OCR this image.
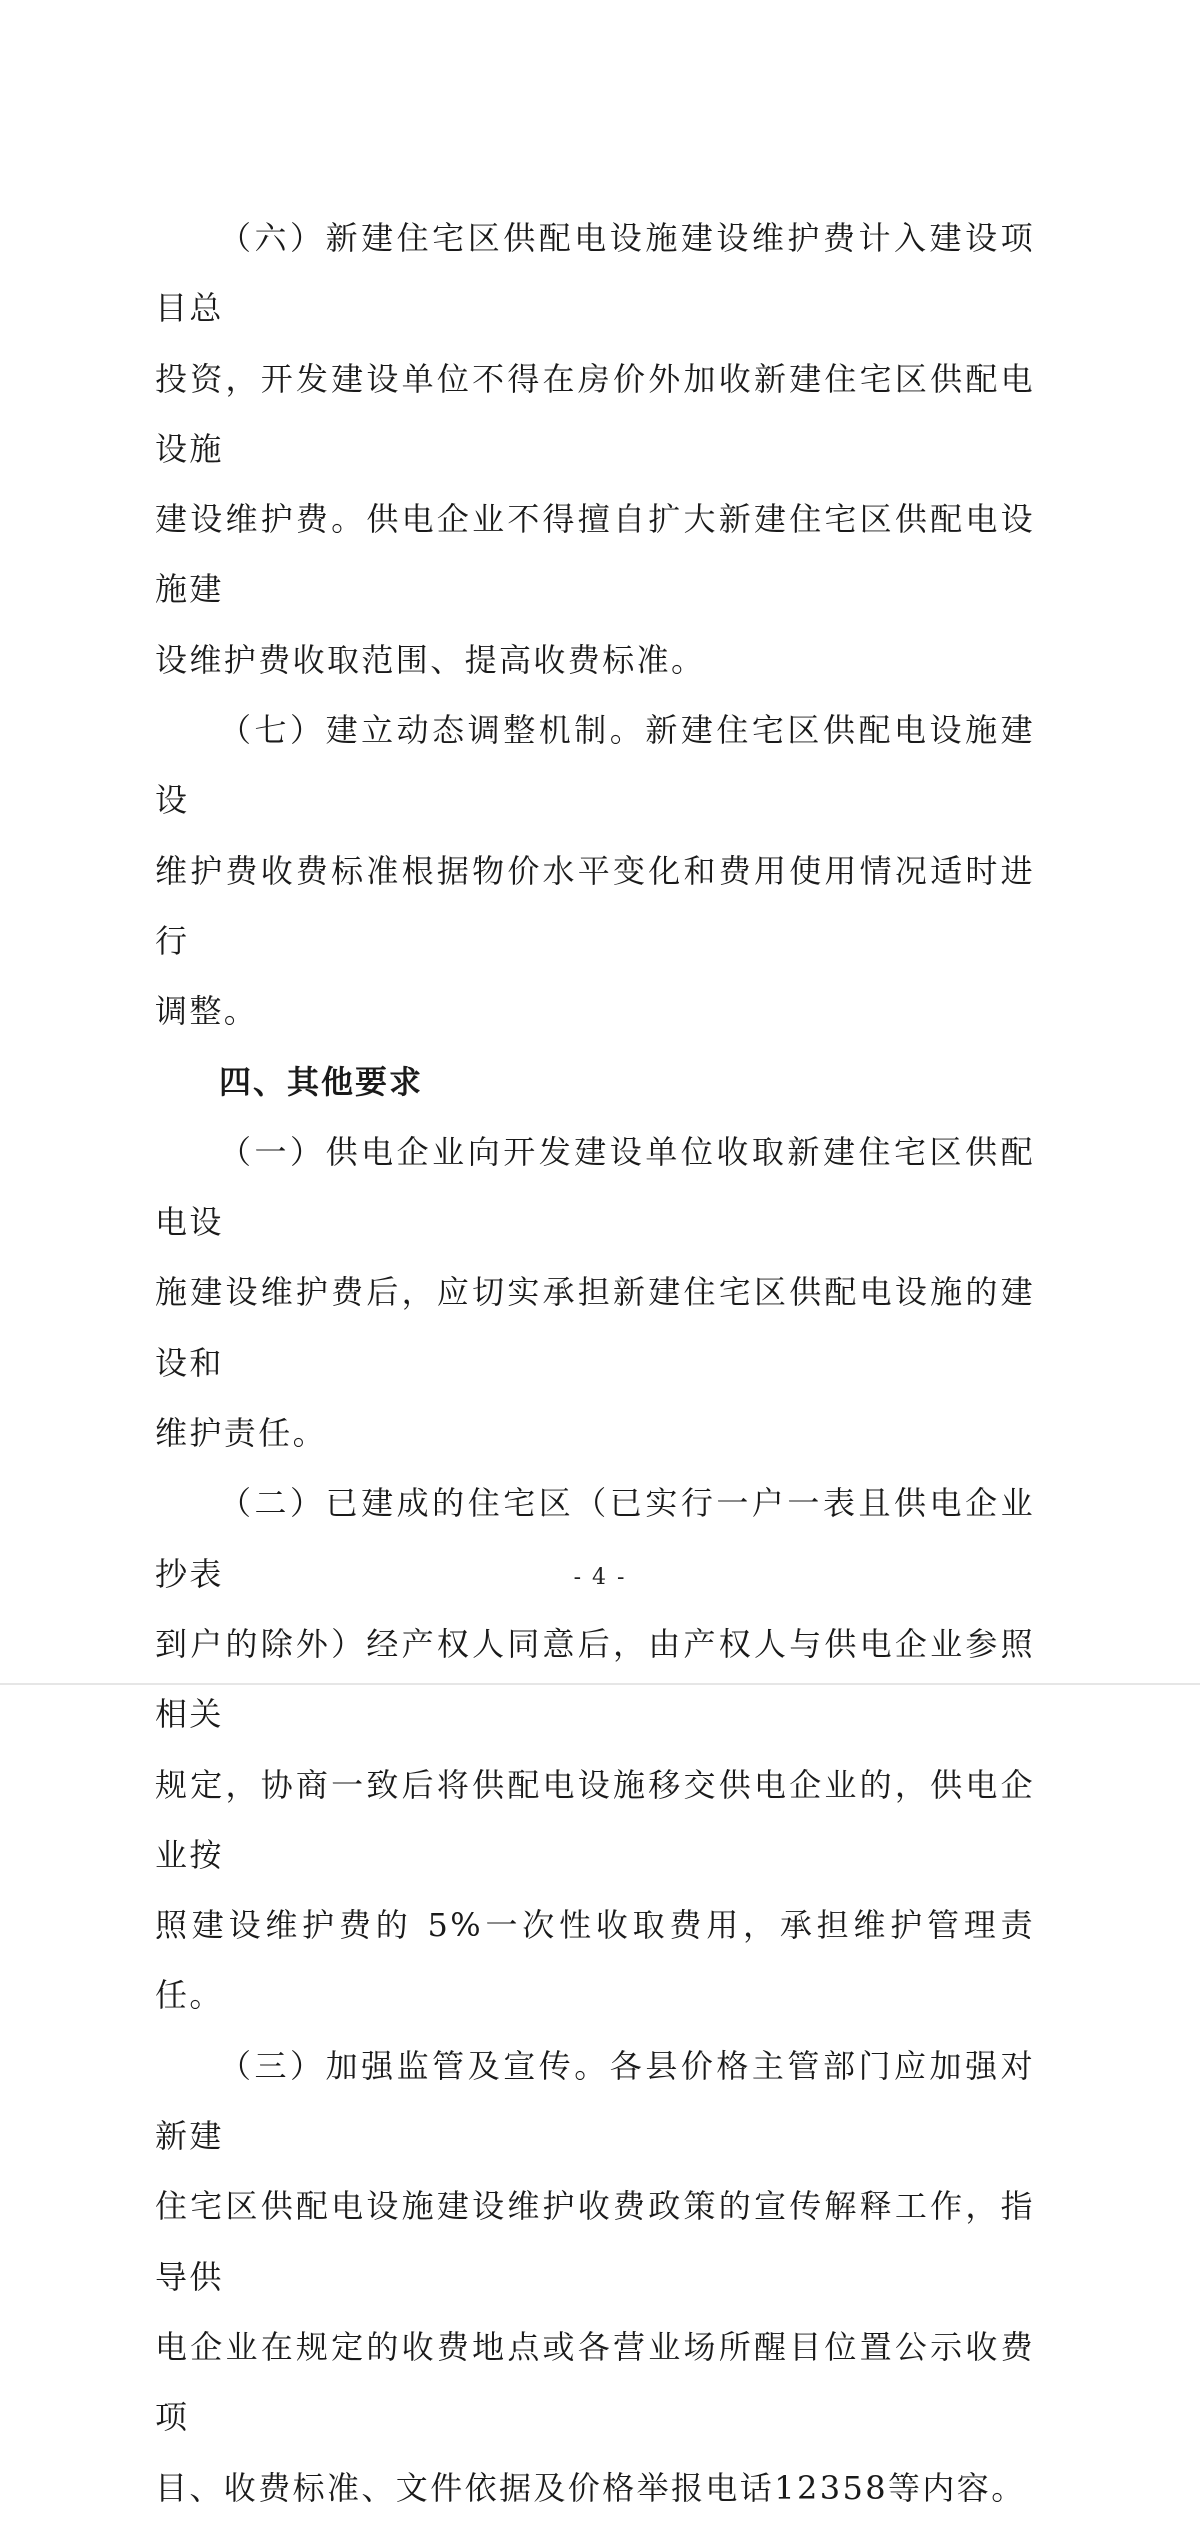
（六）新建住宅区供配电设施建设维护费计入建设项目总
投资，开发建设单位不得在房价外加收新建住宅区供配电设施
建设维护费。供电企业不得擅自扩大新建住宅区供配电设施建
设维护费收取范围、提高收费标准。

（七）建立动态调整机制。新建住宅区供配电设施建设
维护费收费标准根据物价水平变化和费用使用情况适时进行
调整。

四、其他要求

（一）供电企业向开发建设单位收取新建住宅区供配电设
施建设维护费后，应切实承担新建住宅区供配电设施的建设和
维护责任。

（二）已建成的住宅区（已实行一户一表且供电企业抄表
到户的除外）经产权人同意后，由产权人与供电企业参照相关
规定，协商一致后将供配电设施移交供电企业的，供电企业按
照建设维护费的 5%一次性收取费用，承担维护管理责任。

（三）加强监管及宣传。各县价格主管部门应加强对新建
住宅区供配电设施建设维护收费政策的宣传解释工作，指导供
电企业在规定的收费地点或各营业场所醒目位置公示收费项
目、收费标准、文件依据及价格举报电话12358等内容。

- 4 -
